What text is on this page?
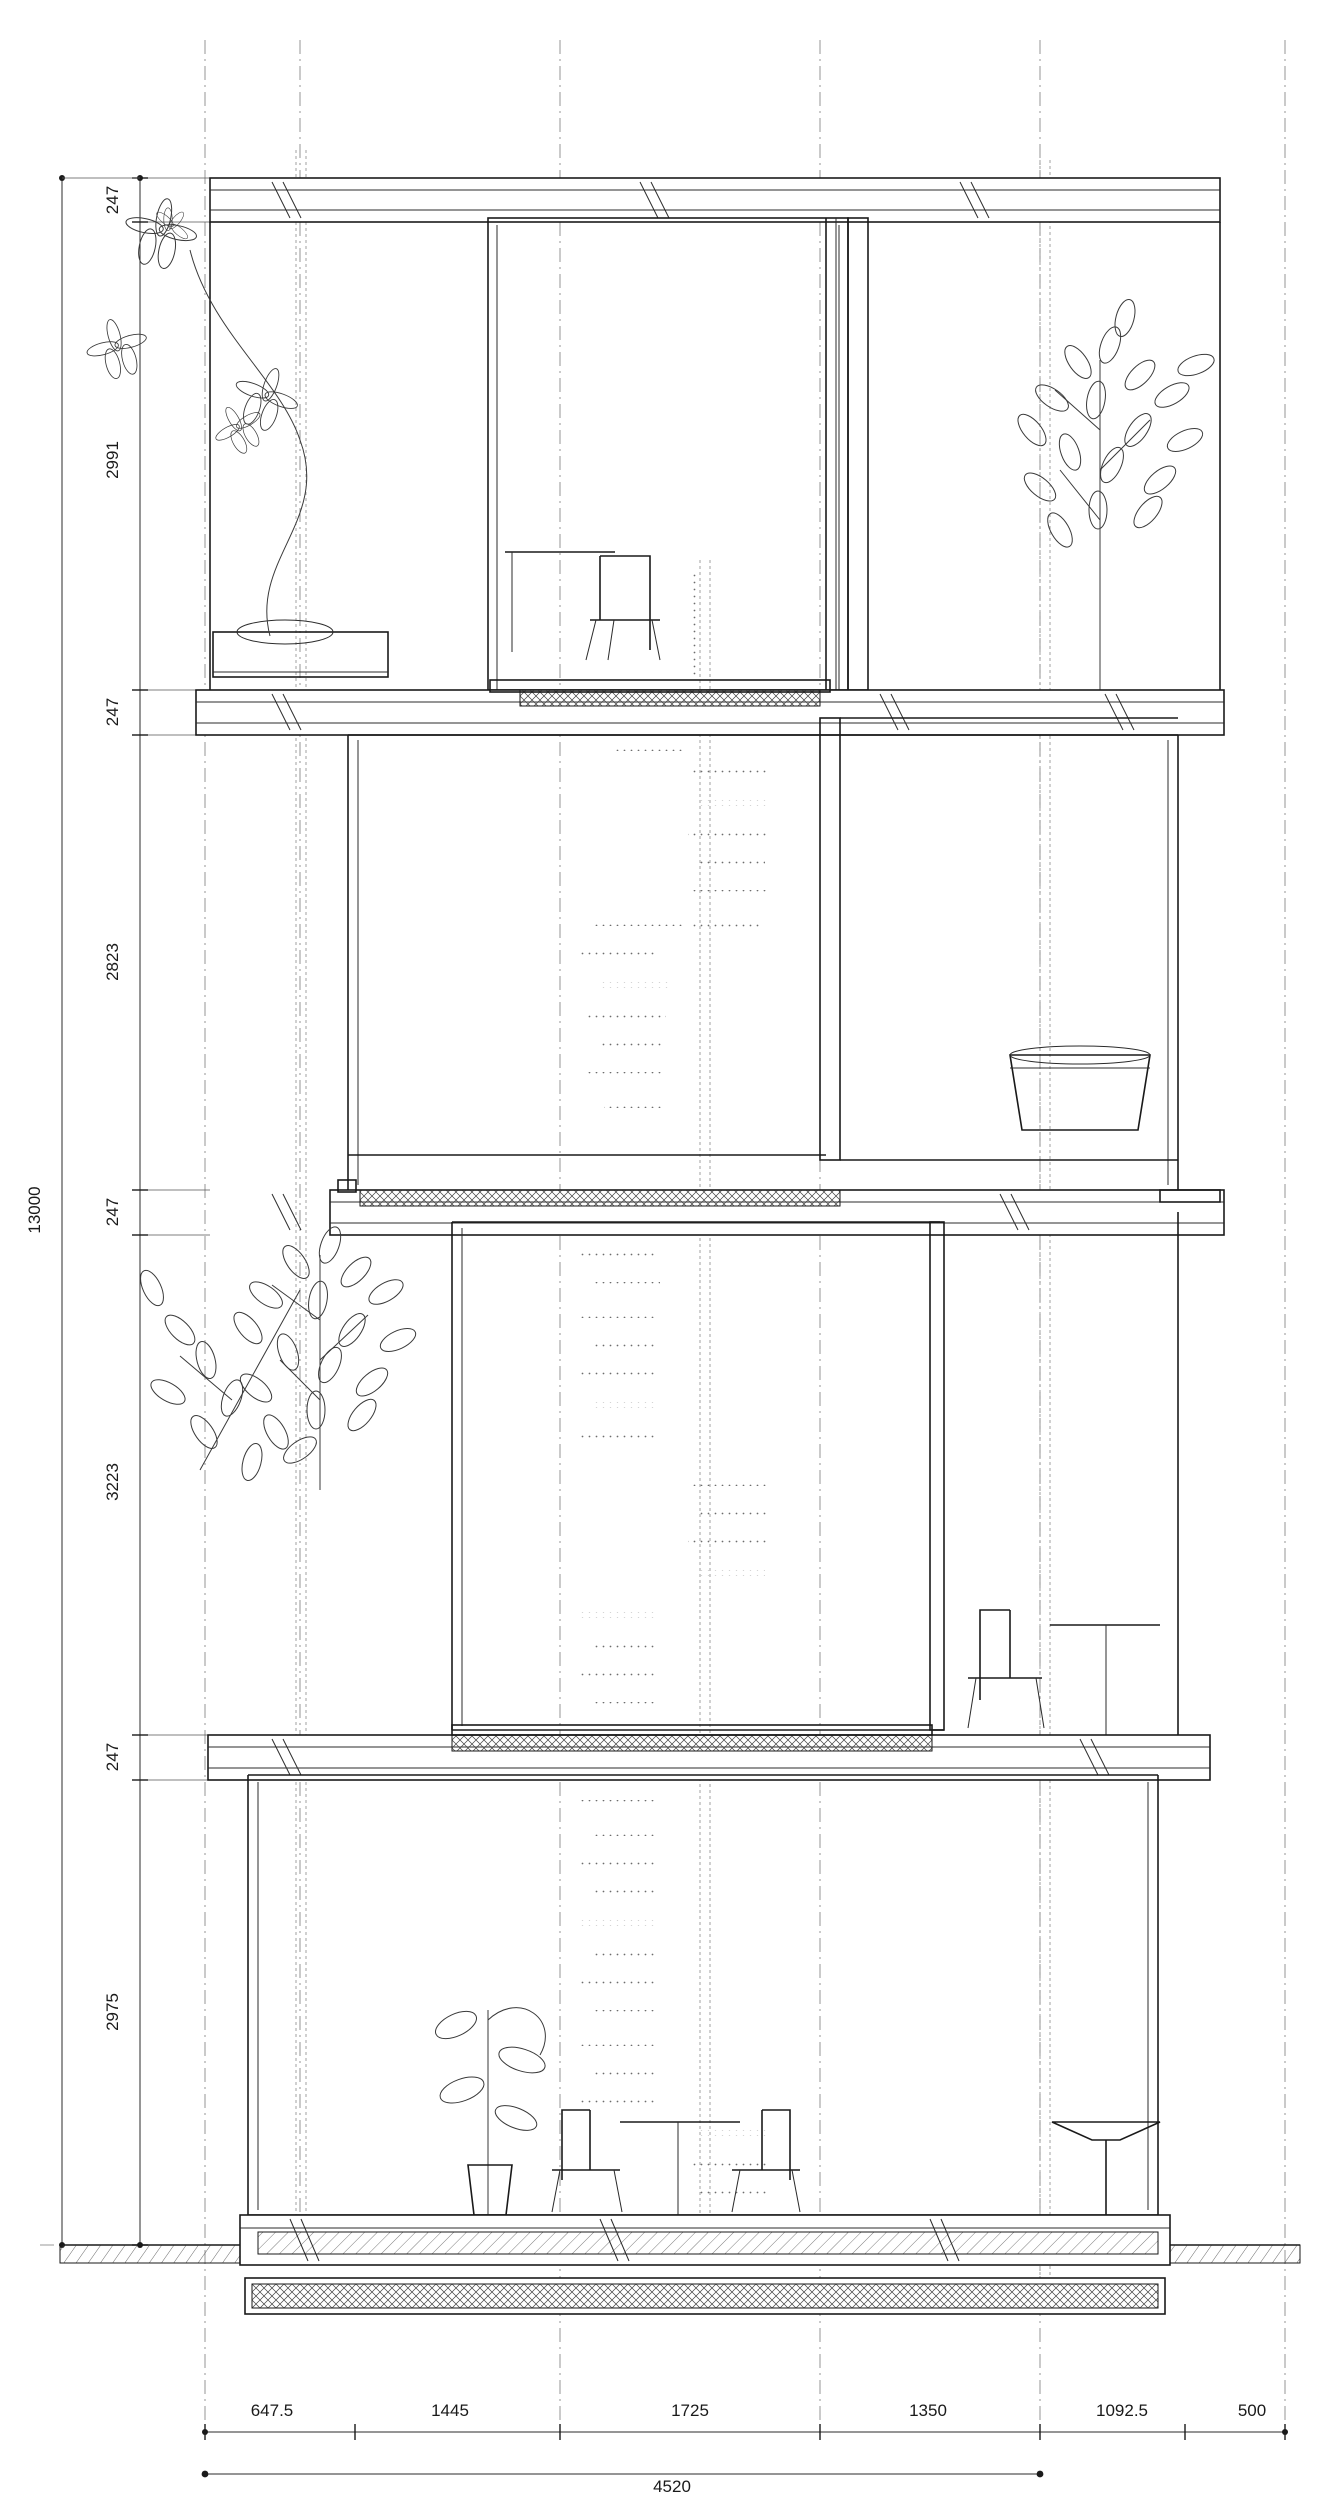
247
2991
247
2823
247
3223
247
2975
13000
647.5	1445	1725	1350	1092.5	500
4520
